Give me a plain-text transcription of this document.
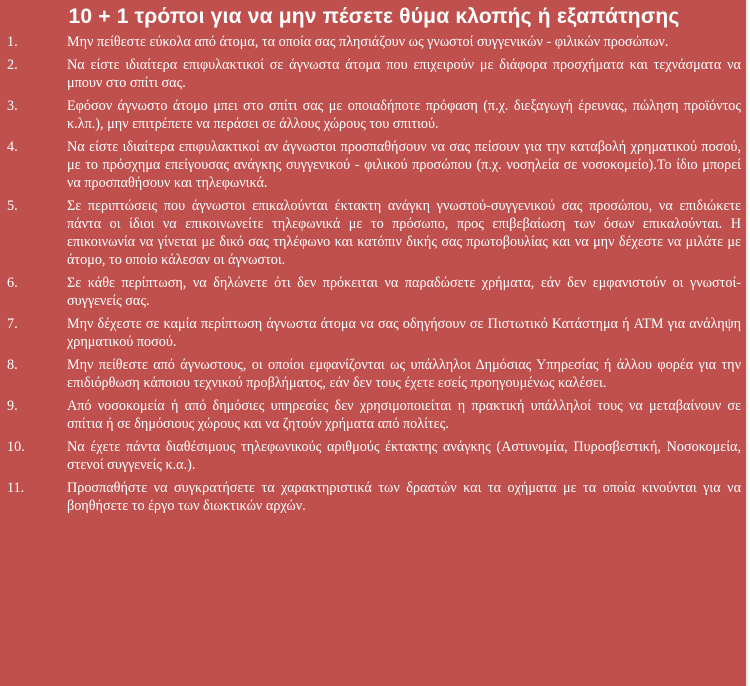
10 + 1 τρόποι για να μην πέσετε θύμα κλοπής ή εξαπάτησης
1.	Μην πείθεστε εύκολα από άτομα, τα οποία σας πλησιάζουν ως γνωστοί συγγενικών - φιλικών προσώπων.
2.	Να είστε ιδιαίτερα επιφυλακτικοί σε άγνωστα άτομα που επιχειρούν με διάφορα προσχήματα και τεχνάσματα να μπουν στο σπίτι σας.
3.	Εφόσον άγνωστο άτομο μπει στο σπίτι σας με οποιαδήποτε πρόφαση (π.χ. διεξαγωγή έρευνας, πώληση προϊόντος κ.λπ.), μην επιτρέπετε να περάσει σε άλλους χώρους του σπιτιού.
4.	Να είστε ιδιαίτερα επιφυλακτικοί αν άγνωστοι προσπαθήσουν να σας πείσουν για την καταβολή χρηματικού ποσού, με το πρόσχημα επείγουσας ανάγκης συγγενικού - φιλικού προσώπου (π.χ. νοσηλεία σε νοσοκομείο).Το ίδιο μπορεί να προσπαθήσουν και τηλεφωνικά.
5.	Σε περιπτώσεις που άγνωστοι επικαλούνται έκτακτη ανάγκη γνωστού-συγγενικού σας προσώπου, να επιδιώκετε πάντα οι ίδιοι να επικοινωνείτε τηλεφωνικά με το πρόσωπο, προς επιβεβαίωση των όσων επικαλούνται. Η επικοινωνία να γίνεται με δικό σας τηλέφωνο και κατόπιν δικής σας πρωτοβουλίας και να μην δέχεστε να μιλάτε με άτομο, το οποίο κάλεσαν οι άγνωστοι.
6.	Σε κάθε περίπτωση, να δηλώνετε ότι δεν πρόκειται να παραδώσετε χρήματα, εάν δεν εμφανιστούν οι γνωστοί-συγγενείς σας.
7.	Μην δέχεστε σε καμία περίπτωση άγνωστα άτομα να σας οδηγήσουν σε Πιστωτικό Κατάστημα ή ATM για ανάληψη χρηματικού ποσού.
8.	Μην πείθεστε από άγνωστους, οι οποίοι εμφανίζονται ως υπάλληλοι Δημόσιας Υπηρεσίας ή άλλου φορέα για την επιδιόρθωση κάποιου τεχνικού προβλήματος, εάν δεν τους έχετε εσείς προηγουμένως καλέσει.
9.	Από νοσοκομεία ή από δημόσιες υπηρεσίες δεν χρησιμοποιείται η πρακτική υπάλληλοί τους να μεταβαίνουν σε σπίτια ή σε δημόσιους χώρους και να ζητούν χρήματα από πολίτες.
10.	Να έχετε πάντα διαθέσιμους τηλεφωνικούς αριθμούς έκτακτης ανάγκης (Αστυνομία, Πυροσβεστική, Νοσοκομεία, στενοί συγγενείς κ.α.).
11.	Προσπαθήστε να συγκρατήσετε τα χαρακτηριστικά των δραστών και τα οχήματα με τα οποία κινούνται για να βοηθήσετε το έργο των διωκτικών αρχών.
